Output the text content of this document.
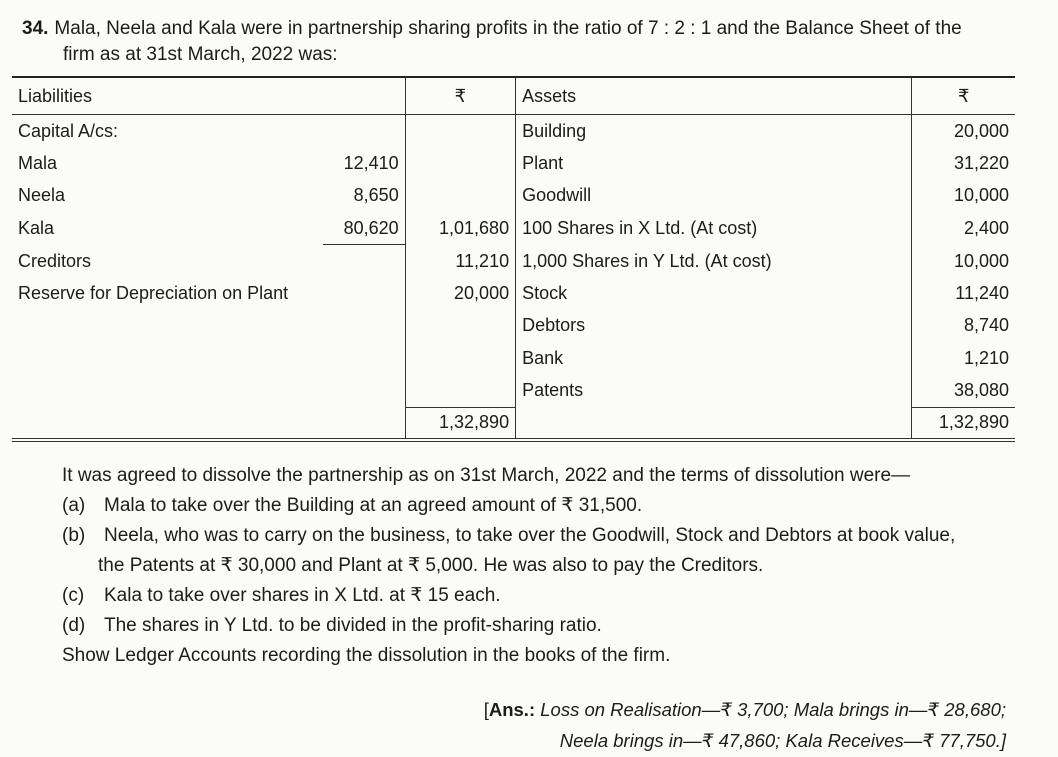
34. Mala, Neela and Kala were in partnership sharing profits in the ratio of 7 : 2 : 1 and the Balance Sheet of the
firm as at 31st March, 2022 was:
Liabilities		₹	Assets	₹
Capital A/cs:			Building	20,000
Mala	12,410		Plant	31,220
Neela	8,650		Goodwill	10,000
Kala	80,620	1,01,680	100 Shares in X Ltd. (At cost)	2,400
Creditors		11,210	1,000 Shares in Y Ltd. (At cost)	10,000
Reserve for Depreciation on Plant		20,000	Stock	11,240
			Debtors	8,740
			Bank	1,210
			Patents	38,080
		1,32,890		1,32,890
It was agreed to dissolve the partnership as on 31st March, 2022 and the terms of dissolution were—
(a) Mala to take over the Building at an agreed amount of ₹ 31,500.
(b) Neela, who was to carry on the business, to take over the Goodwill, Stock and Debtors at book value,
the Patents at ₹ 30,000 and Plant at ₹ 5,000. He was also to pay the Creditors.
(c)	Kala to take over shares in X Ltd. at ₹ 15 each.
(d) The shares in Y Ltd. to be divided in the profit-sharing ratio.
Show Ledger Accounts recording the dissolution in the books of the firm.
[Ans.: Loss on Realisation—₹ 3,700; Mala brings in—₹ 28,680;
Neela brings in—₹ 47,860; Kala Receives—₹ 77,750.]
